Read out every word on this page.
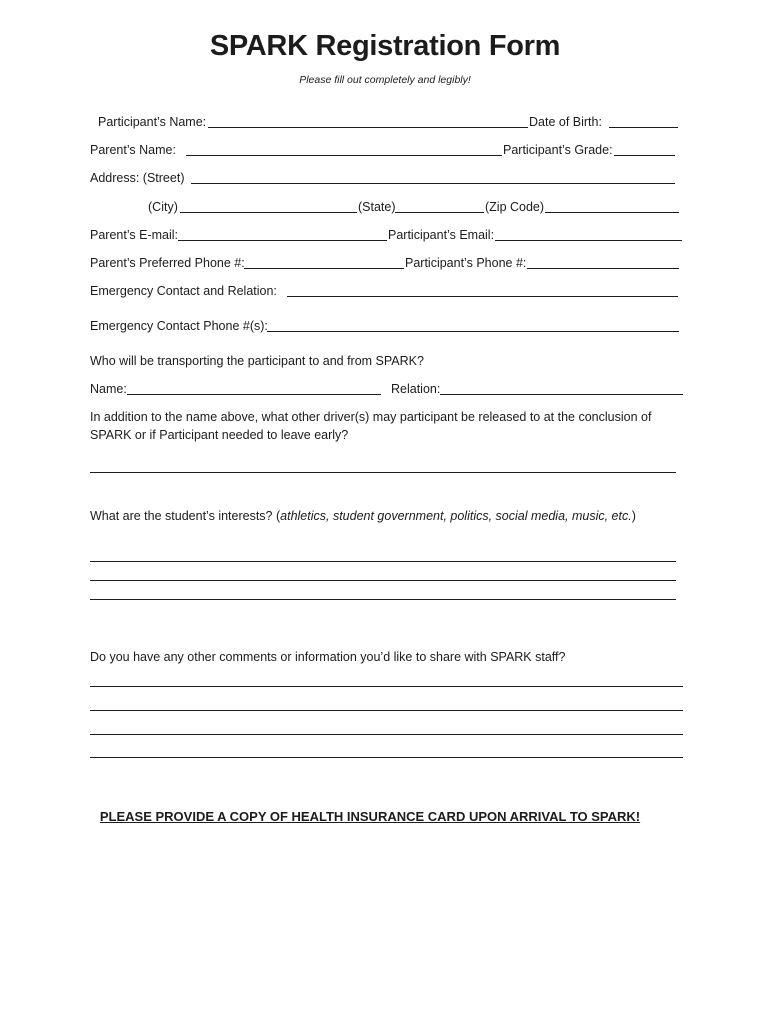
SPARK Registration Form
Please fill out completely and legibly!
Participant’s Name:	Date of Birth:
Parent’s Name:	Participant’s Grade:
Address: (Street)
(City)	(State)	(Zip Code)
Parent’s E-mail:	Participant’s Email:
Parent’s Preferred Phone #:	Participant’s Phone #:
Emergency Contact and Relation:
Emergency Contact Phone #(s):
Who will be transporting the participant to and from SPARK?
Name:	Relation:
In addition to the name above, what other driver(s) may participant be released to at the conclusion of SPARK or if Participant needed to leave early?
What are the student’s interests? (athletics, student government, politics, social media, music, etc.)
Do you have any other comments or information you’d like to share with SPARK staff?
PLEASE PROVIDE A COPY OF HEALTH INSURANCE CARD UPON ARRIVAL TO SPARK!
